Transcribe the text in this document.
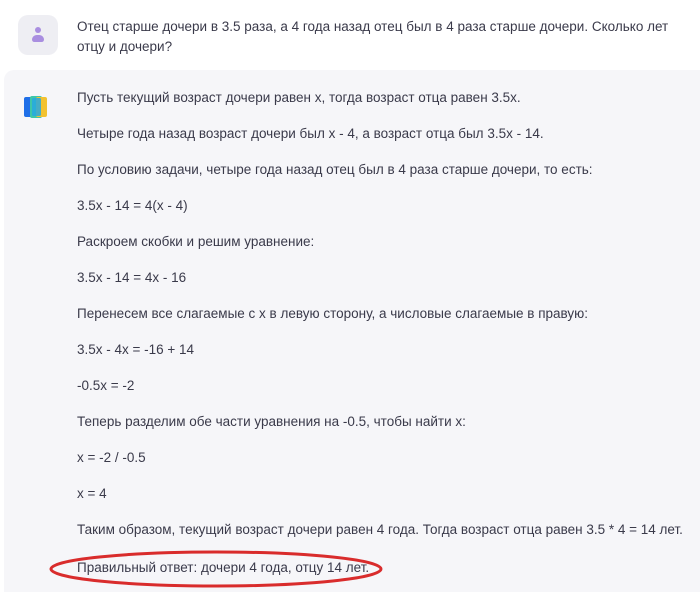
Отец старше дочери в 3.5 раза, а 4 года назад отец был в 4 раза старше дочери. Сколько лет отцу и дочери?
Пусть текущий возраст дочери равен x, тогда возраст отца равен 3.5x.
Четыре года назад возраст дочери был x - 4, а возраст отца был 3.5x - 14.
По условию задачи, четыре года назад отец был в 4 раза старше дочери, то есть:
3.5x - 14 = 4(x - 4)
Раскроем скобки и решим уравнение:
3.5x - 14 = 4x - 16
Перенесем все слагаемые с x в левую сторону, а числовые слагаемые в правую:
3.5x - 4x = -16 + 14
-0.5x = -2
Теперь разделим обе части уравнения на -0.5, чтобы найти x:
x = -2 / -0.5
x = 4
Таким образом, текущий возраст дочери равен 4 года. Тогда возраст отца равен 3.5 * 4 = 14 лет.
Правильный ответ: дочери 4 года, отцу 14 лет.
